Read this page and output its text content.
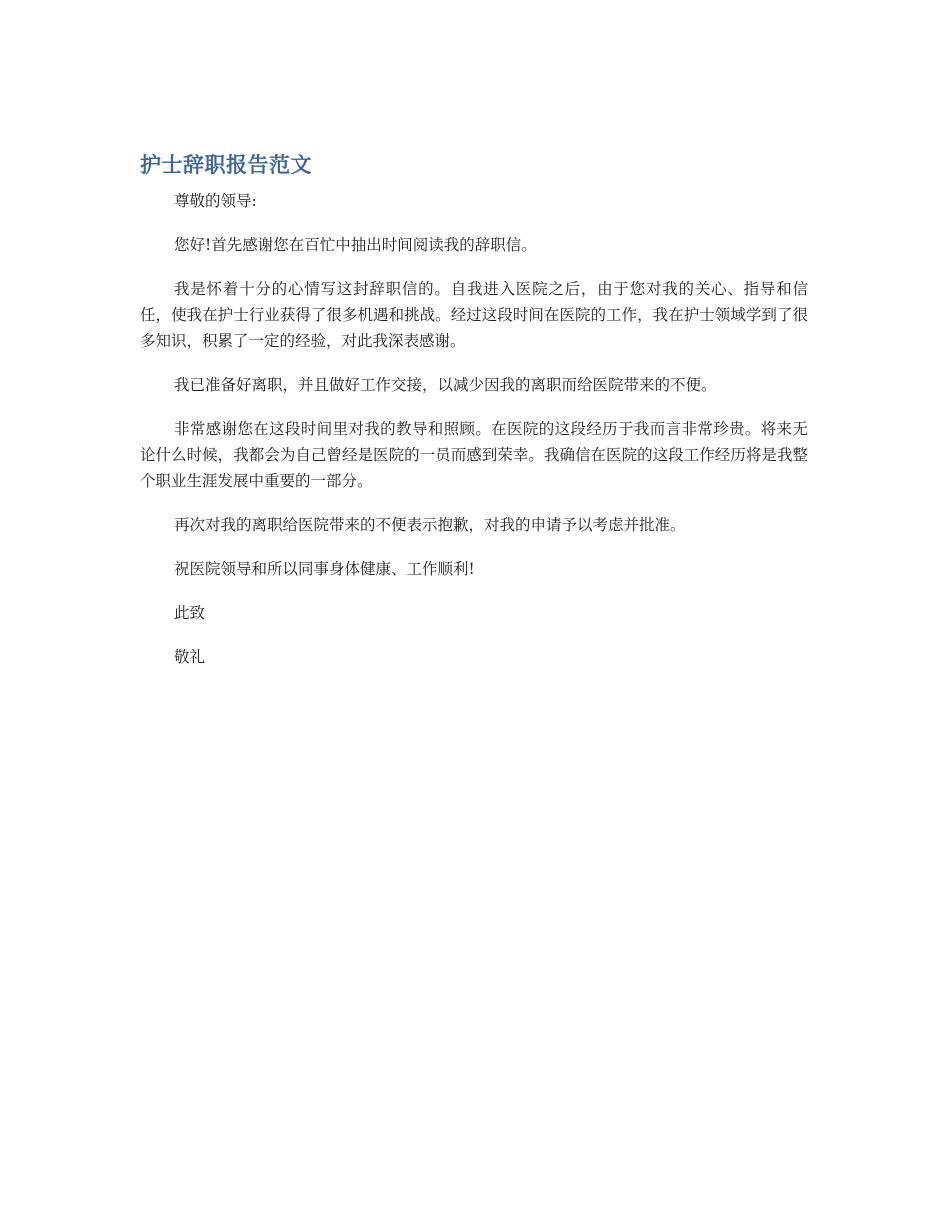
护士辞职报告范文

尊敬的领导:

您好!首先感谢您在百忙中抽出时间阅读我的辞职信。

我是怀着十分的心情写这封辞职信的。自我进入医院之后，由于您对我的关心、指导和信任，使我在护士行业获得了很多机遇和挑战。经过这段时间在医院的工作，我在护士领域学到了很多知识，积累了一定的经验，对此我深表感谢。

我已准备好离职，并且做好工作交接，以减少因我的离职而给医院带来的不便。

非常感谢您在这段时间里对我的教导和照顾。在医院的这段经历于我而言非常珍贵。将来无论什么时候，我都会为自己曾经是医院的一员而感到荣幸。我确信在医院的这段工作经历将是我整个职业生涯发展中重要的一部分。

再次对我的离职给医院带来的不便表示抱歉，对我的申请予以考虑并批准。

祝医院领导和所以同事身体健康、工作顺利!

此致

敬礼
